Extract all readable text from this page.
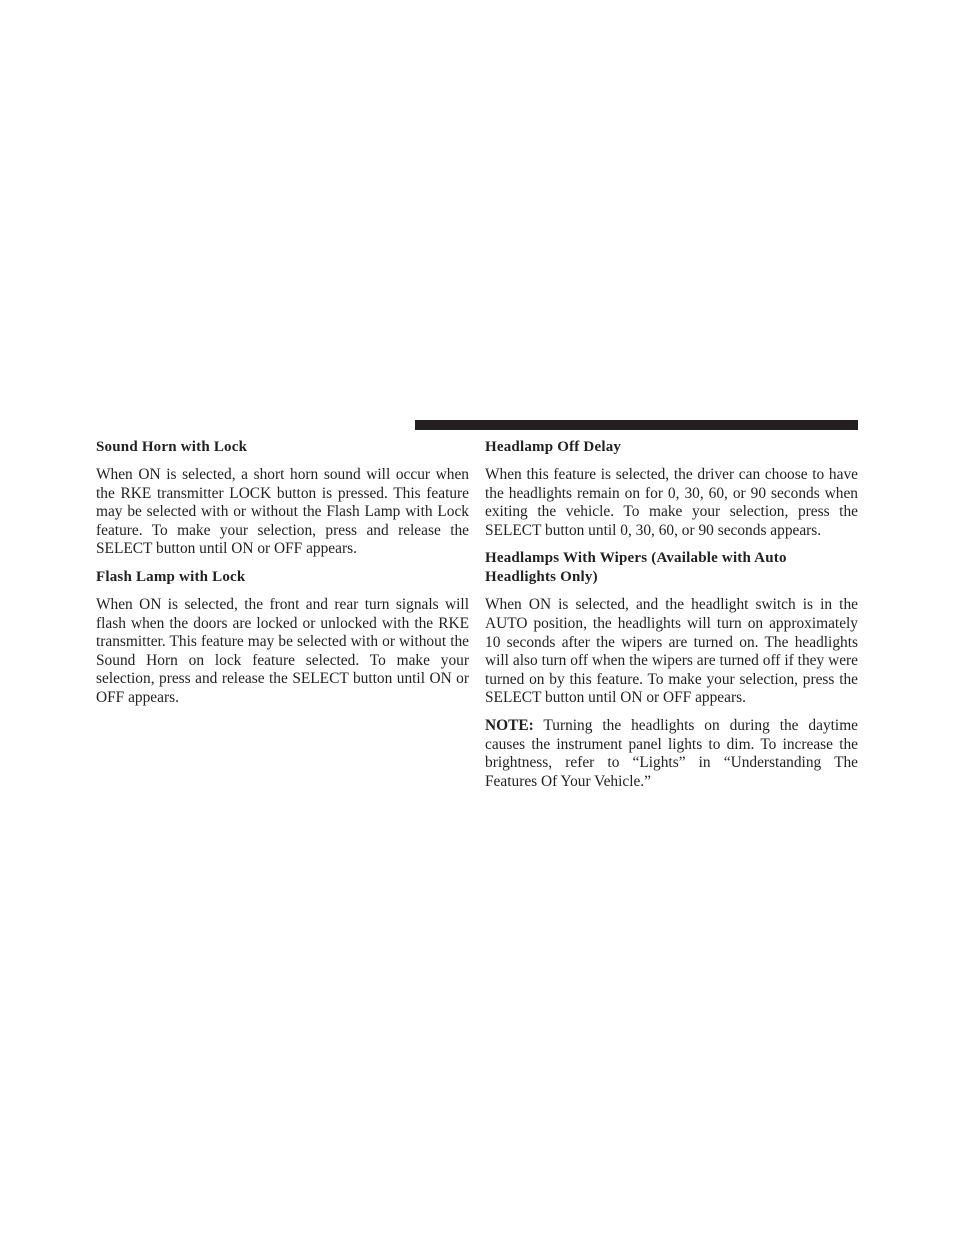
Sound Horn with Lock
When ON is selected, a short horn sound will occur when the RKE transmitter LOCK button is pressed. This feature may be selected with or without the Flash Lamp with Lock feature. To make your selection, press and release the SELECT button until ON or OFF appears.
Flash Lamp with Lock
When ON is selected, the front and rear turn signals will flash when the doors are locked or unlocked with the RKE transmitter. This feature may be selected with or without the Sound Horn on lock feature selected. To make your selection, press and release the SELECT button until ON or OFF appears.
Headlamp Off Delay
When this feature is selected, the driver can choose to have the headlights remain on for 0, 30, 60, or 90 seconds when exiting the vehicle. To make your selection, press the SELECT button until 0, 30, 60, or 90 seconds appears.
Headlamps With Wipers (Available with Auto Headlights Only)
When ON is selected, and the headlight switch is in the AUTO position, the headlights will turn on approximately 10 seconds after the wipers are turned on. The headlights will also turn off when the wipers are turned off if they were turned on by this feature. To make your selection, press the SELECT button until ON or OFF appears.
NOTE: Turning the headlights on during the daytime causes the instrument panel lights to dim. To increase the brightness, refer to “Lights” in “Understanding The Features Of Your Vehicle.”
